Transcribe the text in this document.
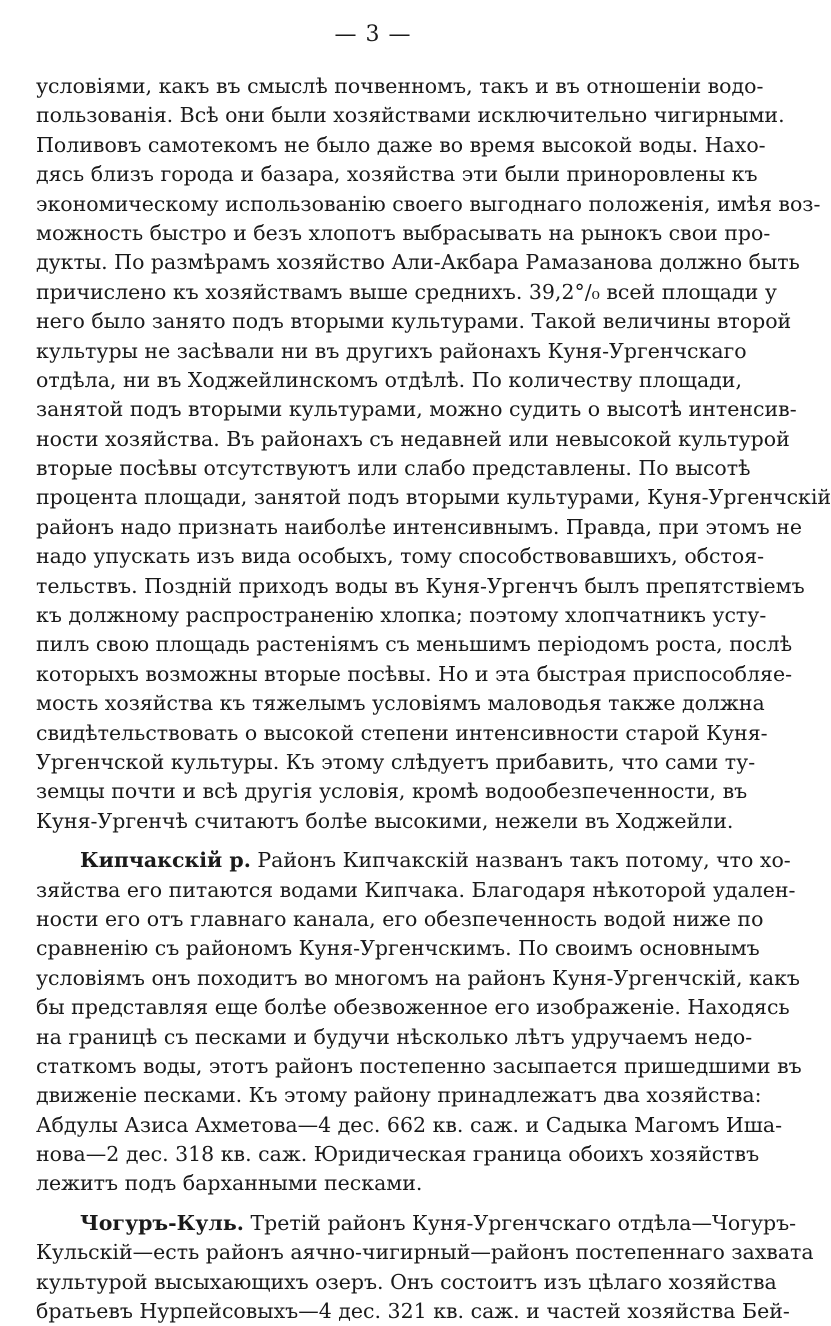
— 3 —
условіями, какъ въ смыслѣ почвенномъ, такъ и въ отношеніи водо-
пользованія. Всѣ они были хозяйствами исключительно чигирными.
Поливовъ самотекомъ не было даже во время высокой воды. Нахо-
дясь близъ города и базара, хозяйства эти были приноровлены къ
экономическому использованію своего выгоднаго положенія, имѣя воз-
можность быстро и безъ хлопотъ выбрасывать на рынокъ свои про-
дукты. По размѣрамъ хозяйство Али-Акбара Рамазанова должно быть
причислено къ хозяйствамъ выше среднихъ. 39,2°/₀ всей площади у
него было занято подъ вторыми культурами. Такой величины второй
культуры не засѣвали ни въ другихъ районахъ Куня-Ургенчскаго
отдѣла, ни въ Ходжейлинскомъ отдѣлѣ. По количеству площади,
занятой подъ вторыми культурами, можно судить о высотѣ интенсив-
ности хозяйства. Въ районахъ съ недавней или невысокой культурой
вторые посѣвы отсутствуютъ или слабо представлены. По высотѣ
процента площади, занятой подъ вторыми культурами, Куня-Ургенчскій
районъ надо признать наиболѣе интенсивнымъ. Правда, при этомъ не
надо упускать изъ вида особыхъ, тому способствовавшихъ, обстоя-
тельствъ. Поздній приходъ воды въ Куня-Ургенчъ былъ препятствіемъ
къ должному распространенію хлопка; поэтому хлопчатникъ усту-
пилъ свою площадь растеніямъ съ меньшимъ періодомъ роста, послѣ
которыхъ возможны вторые посѣвы. Но и эта быстрая приспособляе-
мость хозяйства къ тяжелымъ условіямъ маловодья также должна
свидѣтельствовать о высокой степени интенсивности старой Куня-
Ургенчской культуры. Къ этому слѣдуетъ прибавить, что сами ту-
земцы почти и всѣ другія условія, кромѣ водообезпеченности, въ
Куня-Ургенчѣ считаютъ болѣе высокими, нежели въ Ходжейли.
Кипчакскій р. Районъ Кипчакскій названъ такъ потому, что хо-
зяйства его питаются водами Кипчака. Благодаря нѣкоторой удален-
ности его отъ главнаго канала, его обезпеченность водой ниже по
сравненію съ райономъ Куня-Ургенчскимъ. По своимъ основнымъ
условіямъ онъ походитъ во многомъ на районъ Куня-Ургенчскій, какъ
бы представляя еще болѣе обезвоженное его изображеніе. Находясь
на границѣ съ песками и будучи нѣсколько лѣтъ удручаемъ недо-
статкомъ воды, этотъ районъ постепенно засыпается пришедшими въ
движеніе песками. Къ этому району принадлежатъ два хозяйства:
Абдулы Азиса Ахметова—4 дес. 662 кв. саж. и Садыка Магомъ Ишa-
нова—2 дес. 318 кв. саж. Юридическая граница обоихъ хозяйствъ
лежитъ подъ барханными песками.
Чогуръ-Куль. Третій районъ Куня-Ургенчскаго отдѣла—Чогуръ-
Кульскій—есть районъ аячно-чигирный—районъ постепеннаго захвата
культурой высыхающихъ озеръ. Онъ состоитъ изъ цѣлаго хозяйства
братьевъ Нурпейсовыхъ—4 дес. 321 кв. саж. и частей хозяйства Бей-
